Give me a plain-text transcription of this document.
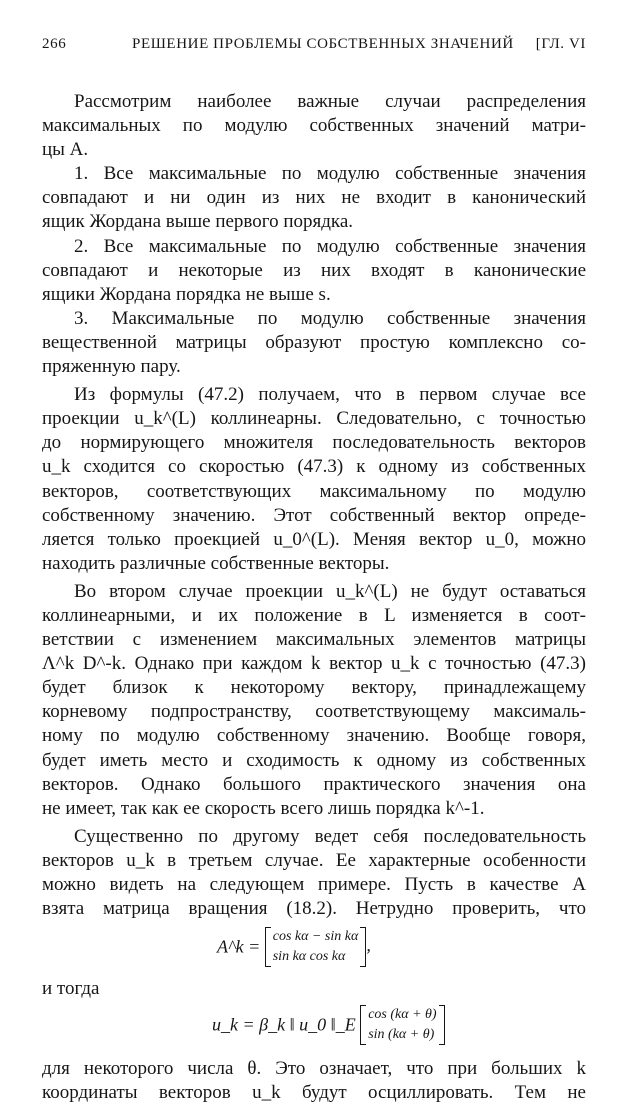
266	РЕШЕНИЕ ПРОБЛЕМЫ СОБСТВЕННЫХ ЗНАЧЕНИЙ [ГЛ. VI
Рассмотрим наиболее важные случаи распределения
максимальных по модулю собственных значений матри-
цы A.
1. Все максимальные по модулю собственные значения
совпадают и ни один из них не входит в канонический
ящик Жордана выше первого порядка.
2. Все максимальные по модулю собственные значения
совпадают и некоторые из них входят в канонические
ящики Жордана порядка не выше s.
3. Максимальные по модулю собственные значения
вещественной матрицы образуют простую комплексно со-
пряженную пару.
Из формулы (47.2) получаем, что в первом случае все
проекции u_k^(L) коллинеарны. Следовательно, с точностью
до нормирующего множителя последовательность векторов
u_k сходится со скоростью (47.3) к одному из собственных
векторов, соответствующих максимальному по модулю
собственному значению. Этот собственный вектор опреде-
ляется только проекцией u_0^(L). Меняя вектор u_0, можно
находить различные собственные векторы.
Во втором случае проекции u_k^(L) не будут оставаться
коллинеарными, и их положение в L изменяется в соот-
ветствии с изменением максимальных элементов матрицы
Λ^k D^-k. Однако при каждом k вектор u_k с точностью (47.3)
будет близок к некоторому вектору, принадлежащему
корневому подпространству, соответствующему максималь-
ному по модулю собственному значению. Вообще говоря,
будет иметь место и сходимость к одному из собственных
векторов. Однако большого практического значения она
не имеет, так как ее скорость всего лишь порядка k^-1.
Существенно по другому ведет себя последовательность
векторов u_k в третьем случае. Ее характерные особенности
можно видеть на следующем примере. Пусть в качестве A
взята матрица вращения (18.2). Нетрудно проверить, что
A^k = cos kα − sin kα
sin kα cos kα
,
и тогда
u_k = β_k ‖ u_0 ‖_E cos (kα + θ)
sin (kα + θ)
для некоторого числа θ. Это означает, что при больших k
координаты векторов u_k будут осциллировать. Тем не
